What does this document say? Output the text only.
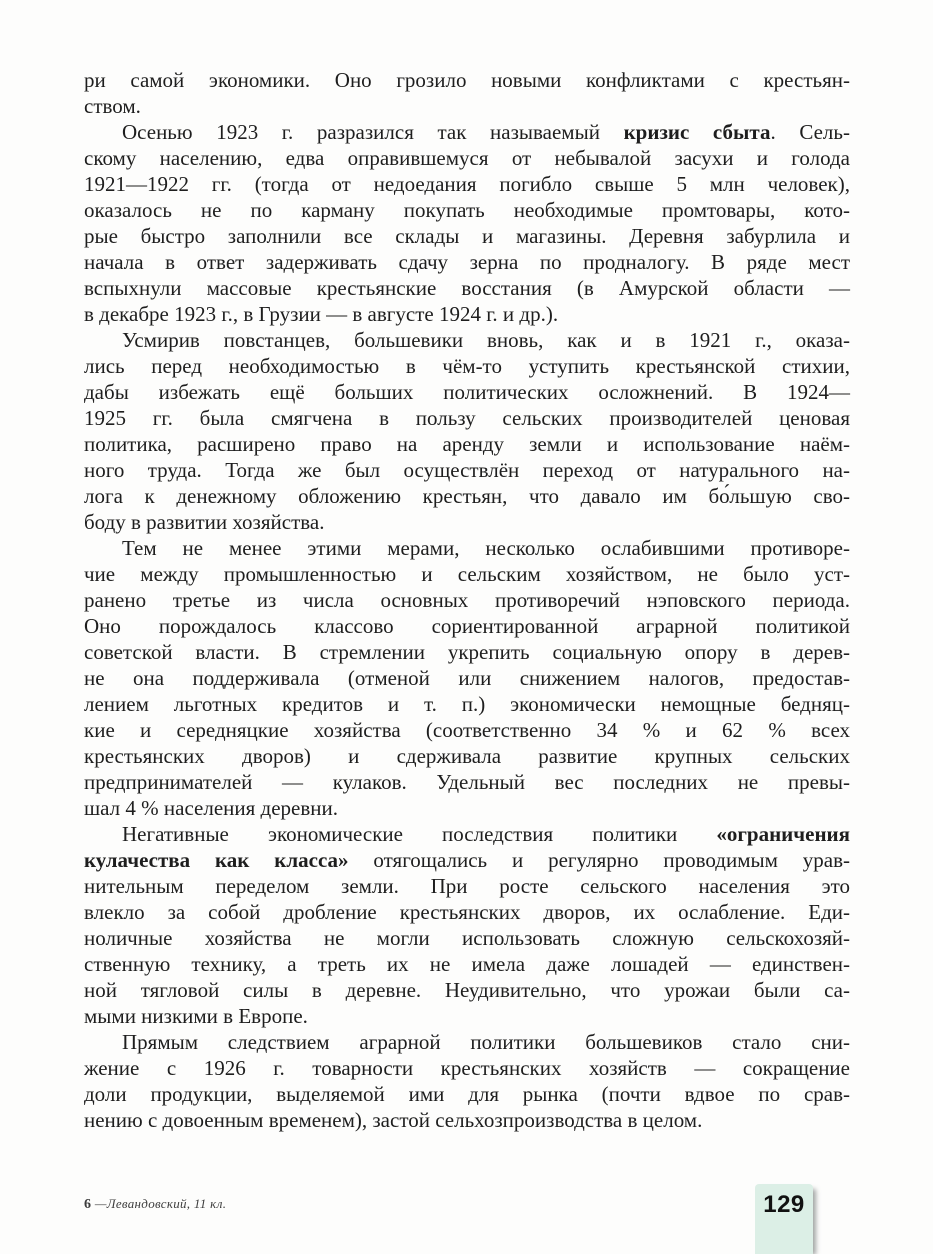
ри самой экономики. Оно грозило новыми конфликтами с крестьян-
ством.
Осенью 1923 г. разразился так называемый кризис сбыта. Сель-
скому населению, едва оправившемуся от небывалой засухи и голода
1921—1922 гг. (тогда от недоедания погибло свыше 5 млн человек),
оказалось не по карману покупать необходимые промтовары, кото-
рые быстро заполнили все склады и магазины. Деревня забурлила и
начала в ответ задерживать сдачу зерна по продналогу. В ряде мест
вспыхнули массовые крестьянские восстания (в Амурской области —
в декабре 1923 г., в Грузии — в августе 1924 г. и др.).
Усмирив повстанцев, большевики вновь, как и в 1921 г., оказа-
лись перед необходимостью в чём-то уступить крестьянской стихии,
дабы избежать ещё больших политических осложнений. В 1924—
1925 гг. была смягчена в пользу сельских производителей ценовая
политика, расширено право на аренду земли и использование наём-
ного труда. Тогда же был осуществлён переход от натурального на-
лога к денежному обложению крестьян, что давало им бо́льшую сво-
боду в развитии хозяйства.
Тем не менее этими мерами, несколько ослабившими противоре-
чие между промышленностью и сельским хозяйством, не было уст-
ранено третье из числа основных противоречий нэповского периода.
Оно порождалось классово сориентированной аграрной политикой
советской власти. В стремлении укрепить социальную опору в дерев-
не она поддерживала (отменой или снижением налогов, предостав-
лением льготных кредитов и т. п.) экономически немощные бедняц-
кие и середняцкие хозяйства (соответственно 34 % и 62 % всех
крестьянских дворов) и сдерживала развитие крупных сельских
предпринимателей — кулаков. Удельный вес последних не превы-
шал 4 % населения деревни.
Негативные экономические последствия политики «ограничения
кулачества как класса» отягощались и регулярно проводимым урав-
нительным переделом земли. При росте сельского населения это
влекло за собой дробление крестьянских дворов, их ослабление. Еди-
ноличные хозяйства не могли использовать сложную сельскохозяй-
ственную технику, а треть их не имела даже лошадей — единствен-
ной тягловой силы в деревне. Неудивительно, что урожаи были са-
мыми низкими в Европе.
Прямым следствием аграрной политики большевиков стало сни-
жение с 1926 г. товарности крестьянских хозяйств — сокращение
доли продукции, выделяемой ими для рынка (почти вдвое по срав-
нению с довоенным временем), застой сельхозпроизводства в целом.
6 —Левандовский, 11 кл.	129
